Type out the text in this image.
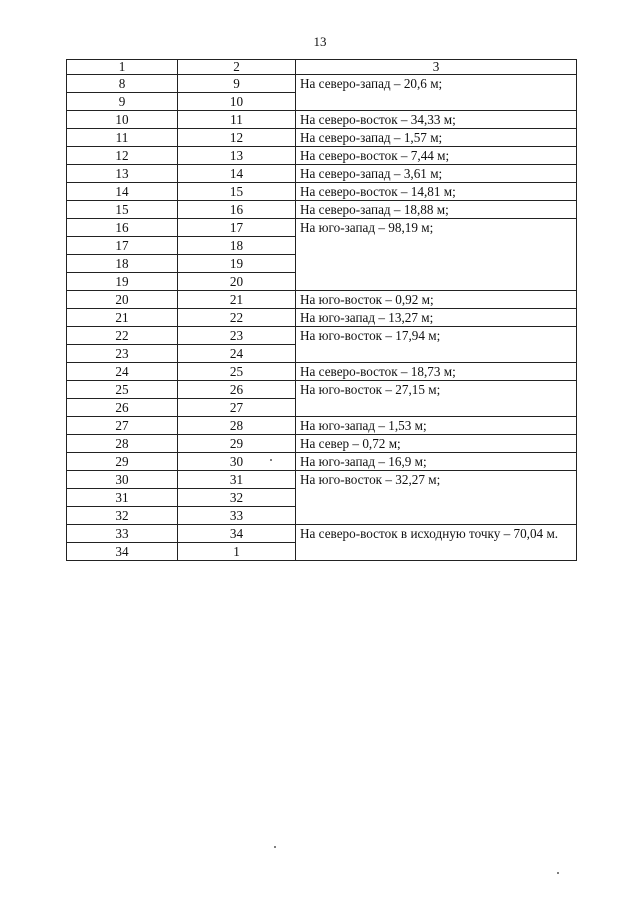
13
1	2	3
8	9	На северо-запад – 20,6 м;
9	10	
10	11	На северо-восток – 34,33 м;
11	12	На северо-запад – 1,57 м;
12	13	На северо-восток – 7,44 м;
13	14	На северо-запад – 3,61 м;
14	15	На северо-восток – 14,81 м;
15	16	На северо-запад – 18,88 м;
16	17	На юго-запад – 98,19 м;
17	18	
18	19	
19	20	
20	21	На юго-восток – 0,92 м;
21	22	На юго-запад – 13,27 м;
22	23	На юго-восток – 17,94 м;
23	24	
24	25	На северо-восток – 18,73 м;
25	26	На юго-восток – 27,15 м;
26	27	
27	28	На юго-запад – 1,53 м;
28	29	На север – 0,72 м;
29	30	На юго-запад – 16,9 м;
30	31	На юго-восток – 32,27 м;
31	32	
32	33	
33	34	На северо-восток в исходную точку – 70,04 м.
34	1	
